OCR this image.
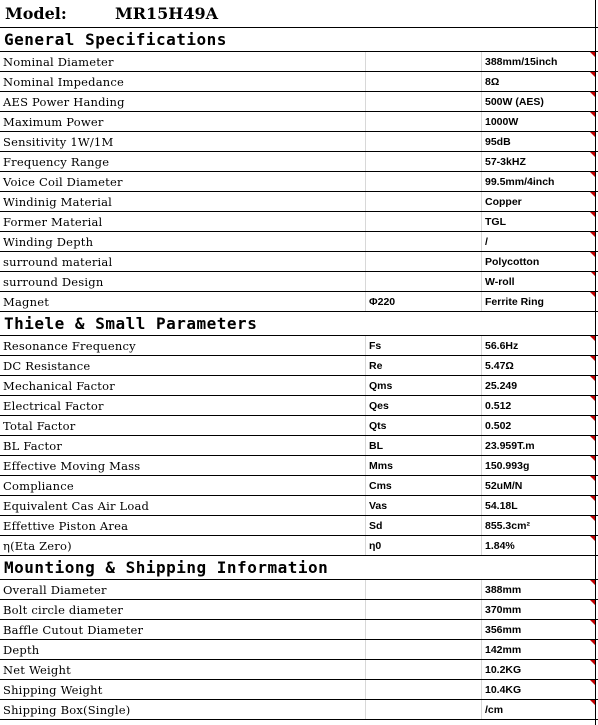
Model:	MR15H49A
General Specifications
Nominal Diameter	388mm/15inch
Nominal Impedance	8Ω
AES Power Handing	500W (AES)
Maximum Power	1000W
Sensitivity 1W/1M	95dB
Frequency Range	57-3kHZ
Voice Coil Diameter	99.5mm/4inch
Windinig Material	Copper
Former Material	TGL
Winding Depth	/
surround material	Polycotton
surround Design	W-roll
Magnet	Φ220	Ferrite Ring
Thiele & Small Parameters
Resonance Frequency	Fs	56.6Hz
DC Resistance	Re	5.47Ω
Mechanical Factor	Qms	25.249
Electrical Factor	Qes	0.512
Total Factor	Qts	0.502
BL Factor	BL	23.959T.m
Effective Moving Mass	Mms	150.993g
Compliance	Cms	52uM/N
Equivalent Cas Air Load	Vas	54.18L
Effettive Piston Area	Sd	855.3cm²
η(Eta Zero)	η0	1.84%
Mountiong & Shipping Information
Overall Diameter	388mm
Bolt circle diameter	370mm
Baffle Cutout Diameter	356mm
Depth	142mm
Net Weight	10.2KG
Shipping Weight	10.4KG
Shipping Box(Single)	/cm
